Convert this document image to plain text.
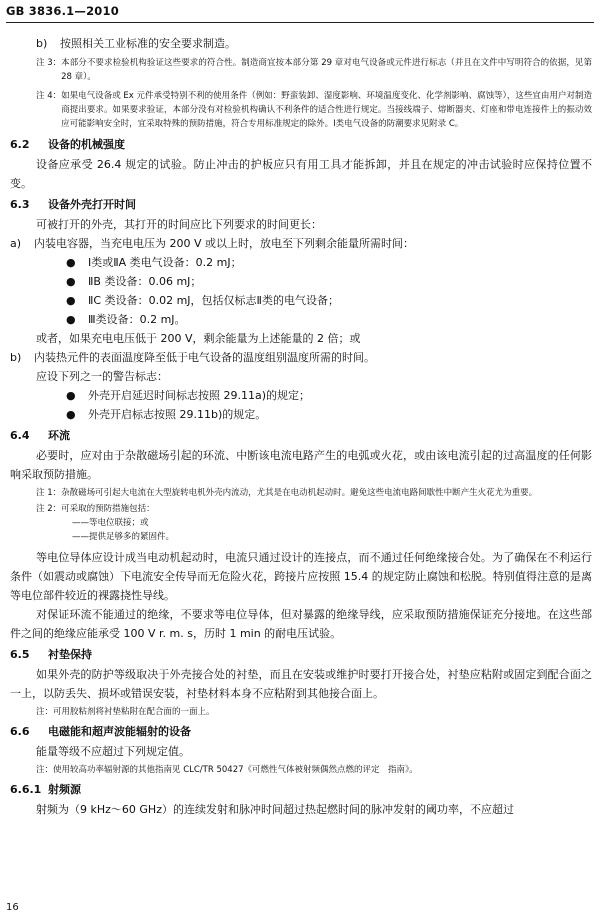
GB 3836.1—2010

b) 按照相关工业标准的安全要求制造。

注 3： 本部分不要求检验机构验证这些要求的符合性。制造商宜按本部分第 29 章对电气设备或元件进行标志（并且在文件中写明符合的依据，见第 28 章）。
注 4： 如果电气设备或 Ex 元件承受特别不利的使用条件（例如：野蛮装卸、湿度影响、环境温度变化、化学剂影响、腐蚀等），这些宜由用户对制造商提出要求。如果要求验证，本部分没有对检验机构确认不利条件的适合性进行规定。当接线端子、熔断器夹、灯座和带电连接件上的振动效应可能影响安全时，宜采取特殊的预防措施，符合专用标准规定的除外。Ⅰ类电气设备的防潮要求见附录 C。

6.2 设备的机械强度

设备应承受 26.4 规定的试验。防止冲击的护板应只有用工具才能拆卸，并且在规定的冲击试验时应保持位置不变。

6.3 设备外壳打开时间

可被打开的外壳，其打开的时间应比下列要求的时间更长：

a) 内装电容器，当充电电压为 200 V 或以上时，放电至下列剩余能量所需时间：

● Ⅰ类或ⅡA 类电气设备：0.2 mJ；

● ⅡB 类设备：0.06 mJ；

● ⅡC 类设备：0.02 mJ，包括仅标志Ⅱ类的电气设备；

● Ⅲ类设备：0.2 mJ。

或者，如果充电电压低于 200 V，剩余能量为上述能量的 2 倍；或

b) 内装热元件的表面温度降至低于电气设备的温度组别温度所需的时间。

应设下列之一的警告标志：

● 外壳开启延迟时间标志按照 29.11a)的规定；

● 外壳开启标志按照 29.11b)的规定。

6.4 环流

必要时，应对由于杂散磁场引起的环流、中断该电流电路产生的电弧或火花，或由该电流引起的过高温度的任何影响采取预防措施。

注 1： 杂散磁场可引起大电流在大型旋转电机外壳内流动，尤其是在电动机起动时。避免这些电流电路间歇性中断产生火花尤为重要。
注 2： 可采取的预防措施包括：

——等电位联接；或

——提供足够多的紧固件。

等电位导体应设计成当电动机起动时，电流只通过设计的连接点，而不通过任何绝缘接合处。为了确保在不利运行条件（如震动或腐蚀）下电流安全传导而无危险火花，跨接片应按照 15.4 的规定防止腐蚀和松脱。特别值得注意的是离等电位部件较近的裸露挠性导线。

对保证环流不能通过的绝缘，不要求等电位导体，但对暴露的绝缘导线，应采取预防措施保证充分接地。在这些部件之间的绝缘应能承受 100 V r. m. s，历时 1 min 的耐电压试验。

6.5 衬垫保持

如果外壳的防护等级取决于外壳接合处的衬垫，而且在安装或维护时要打开接合处，衬垫应粘附或固定到配合面之一上，以防丢失、损坏或错误安装，衬垫材料本身不应粘附到其他接合面上。

注：可用胶粘剂将衬垫粘附在配合面的一面上。

6.6 电磁能和超声波能辐射的设备

能量等级不应超过下列规定值。

注：使用较高功率辐射源的其他指南见 CLC/TR 50427《可燃性气体被射频偶然点燃的评定　指南》。

6.6.1 射频源

射频为（9 kHz～60 GHz）的连续发射和脉冲时间超过热起燃时间的脉冲发射的阈功率，不应超过

16
